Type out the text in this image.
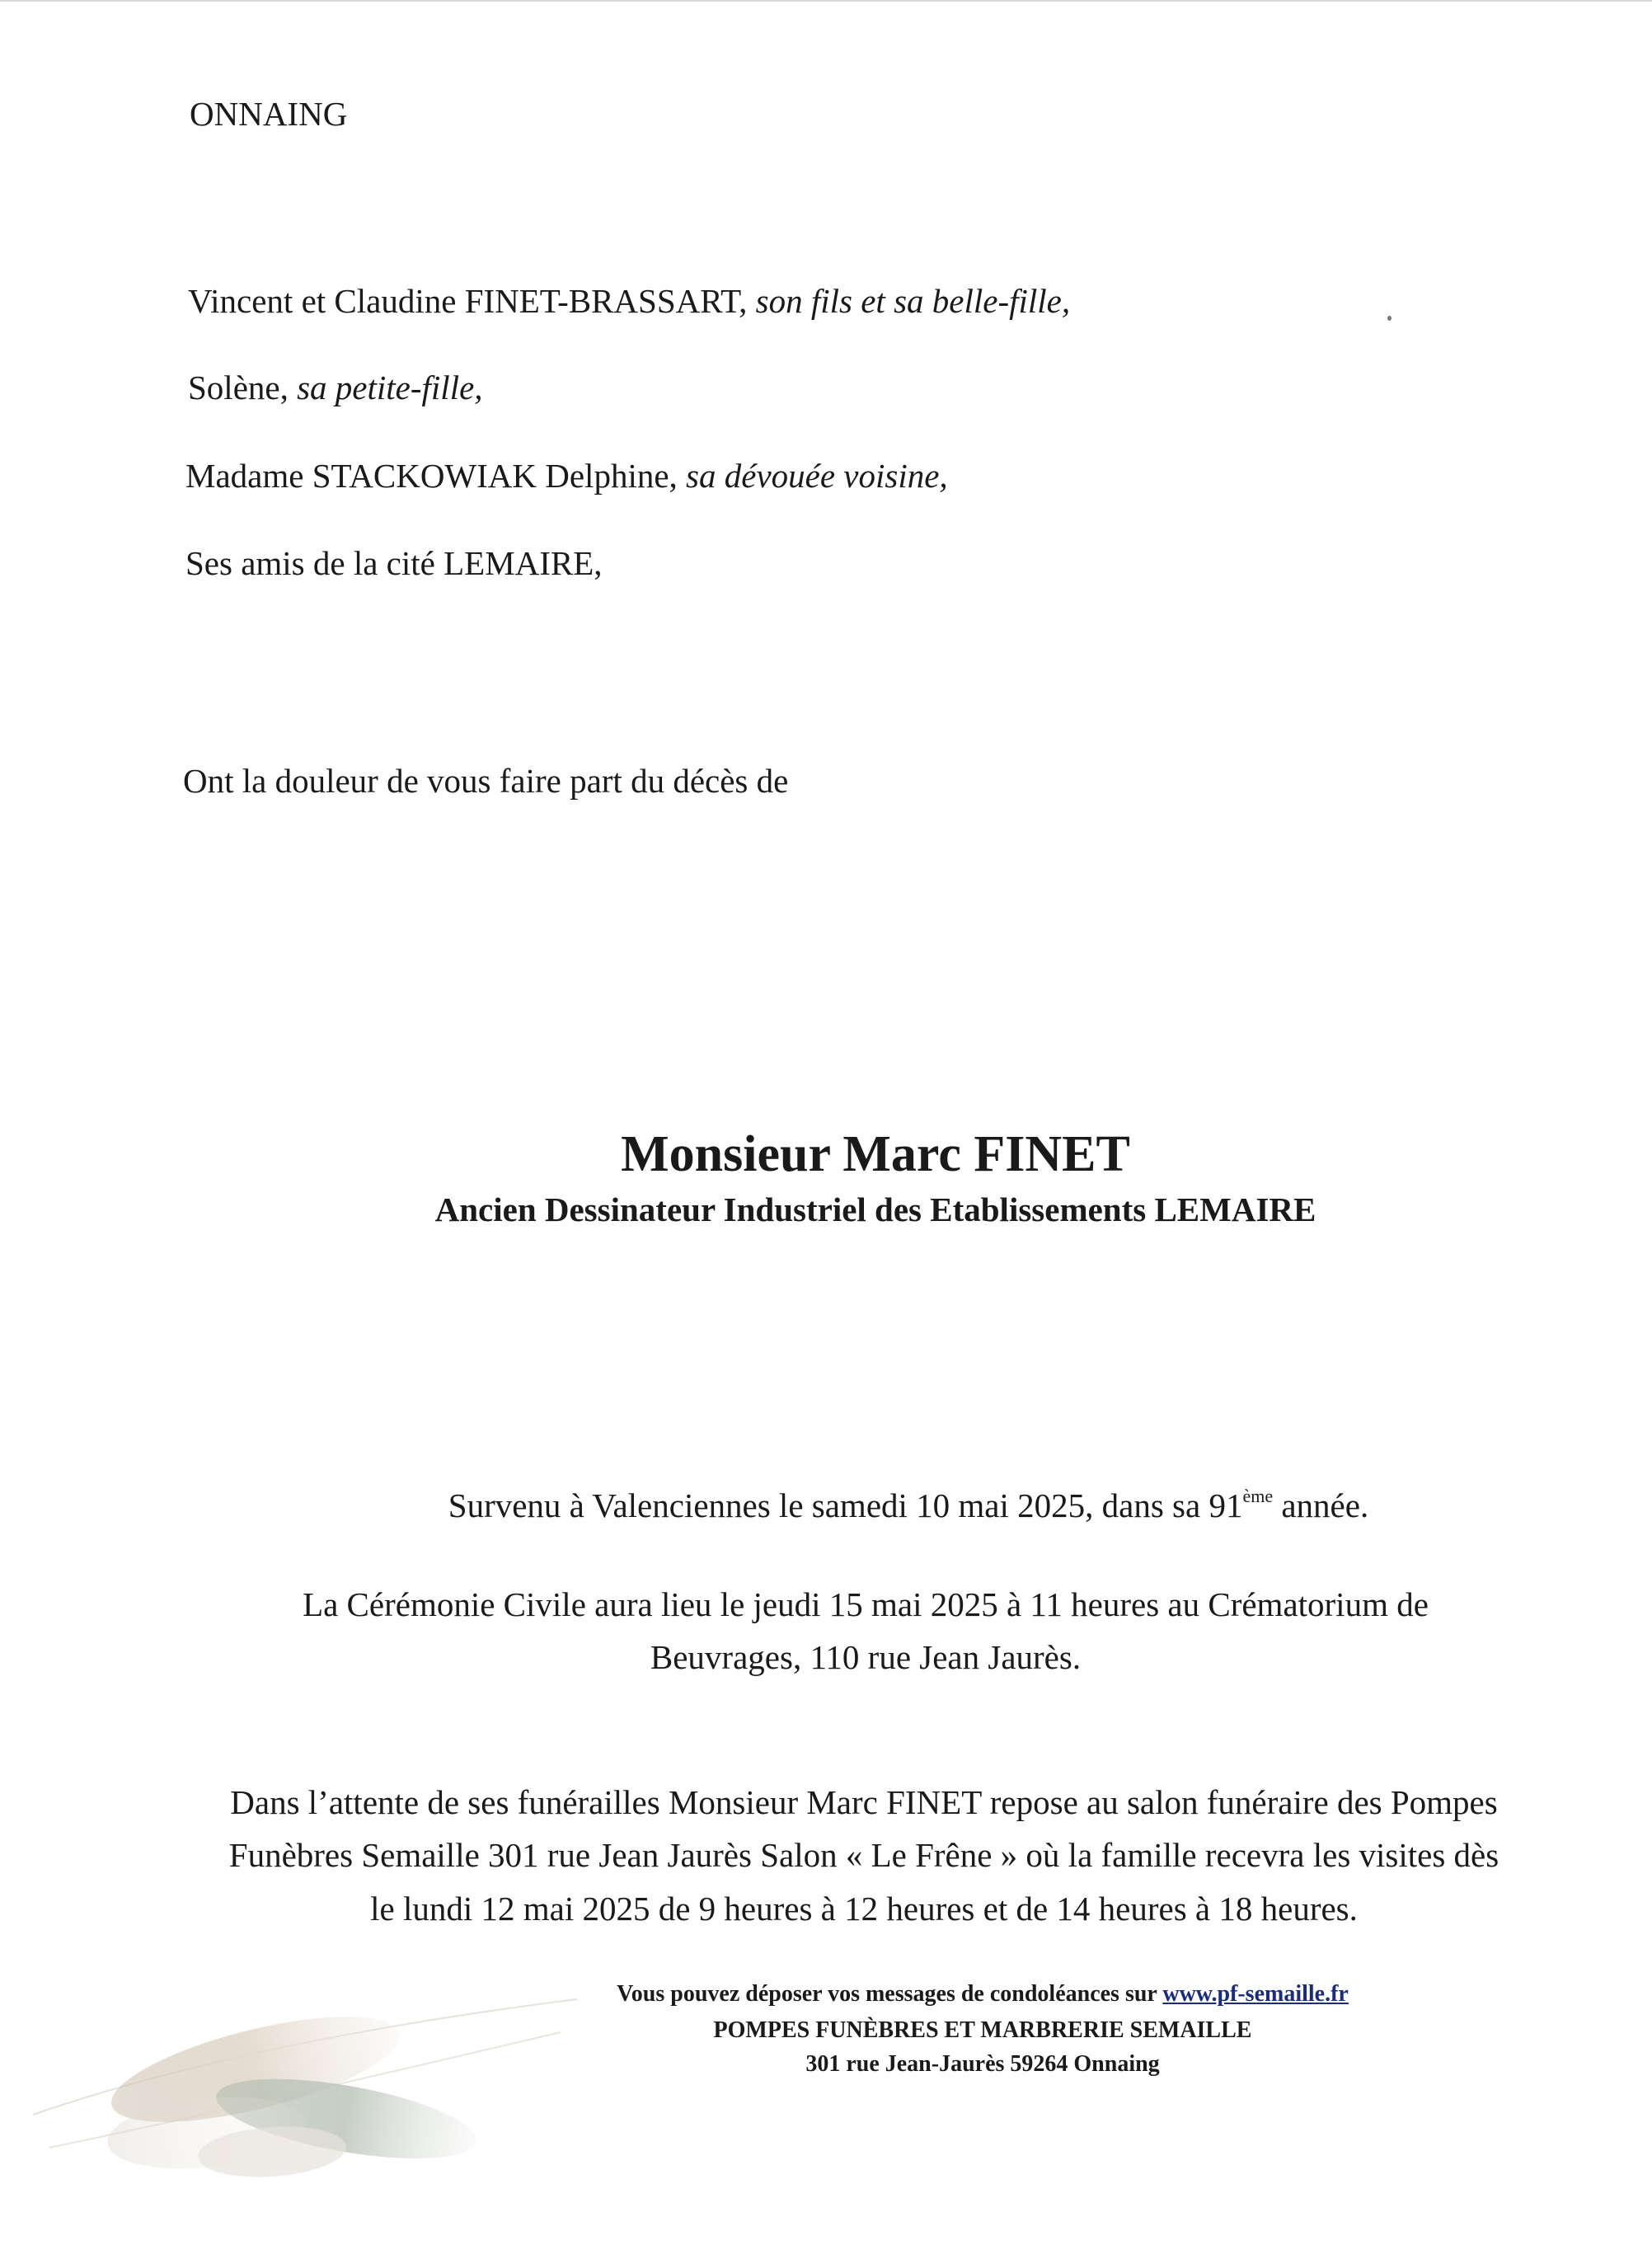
ONNAING
Vincent et Claudine FINET-BRASSART, son fils et sa belle-fille,
Solène, sa petite-fille,
Madame STACKOWIAK Delphine, sa dévouée voisine,
Ses amis de la cité LEMAIRE,
Ont la douleur de vous faire part du décès de
Monsieur Marc FINET
Ancien Dessinateur Industriel des Etablissements LEMAIRE
Survenu à Valenciennes le samedi 10 mai 2025, dans sa 91ème année.
La Cérémonie Civile aura lieu le jeudi 15 mai 2025 à 11 heures au Crématorium de
Beuvrages, 110 rue Jean Jaurès.
Dans l’attente de ses funérailles Monsieur Marc FINET repose au salon funéraire des Pompes
Funèbres Semaille 301 rue Jean Jaurès Salon « Le Frêne » où la famille recevra les visites dès
le lundi 12 mai 2025 de 9 heures à 12 heures et de 14 heures à 18 heures.
Vous pouvez déposer vos messages de condoléances sur www.pf-semaille.fr
POMPES FUNÈBRES ET MARBRERIE SEMAILLE
301 rue Jean-Jaurès 59264 Onnaing
